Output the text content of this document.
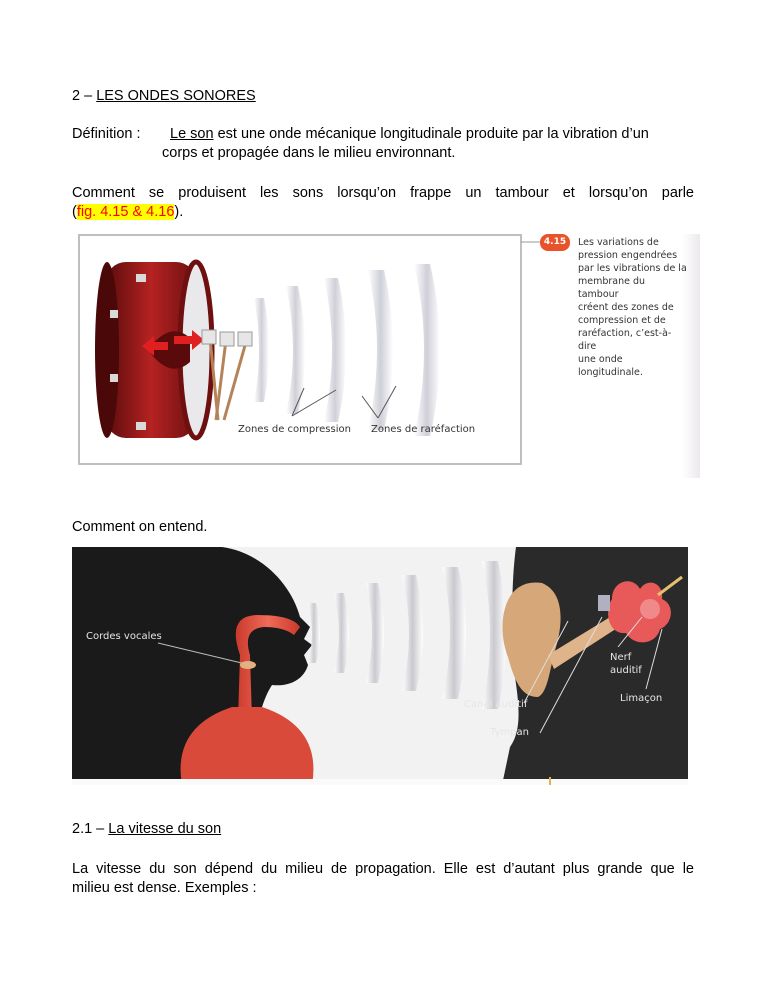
2 – LES ONDES SONORES
Définition : Le son est une onde mécanique longitudinale produite par la vibration d’un
corps et propagée dans le milieu environnant.
Comment se produisent les sons lorsqu’on frappe un tambour et lorsqu’on parle
(fig. 4.15 & 4.16).
Zones de compression Zones de raréfaction
4.15	Les variations de
pression engendrées
par les vibrations de la
membrane du tambour
créent des zones de
compression et de
raréfaction, c’est-à-dire
une onde longitudinale.
Comment on entend.
Cordes vocales
Nerf
auditif
Limaçon
Canal auditif
Tympan
2.1 – La vitesse du son
La vitesse du son dépend du milieu de propagation. Elle est d’autant plus grande que le
milieu est dense. Exemples :
